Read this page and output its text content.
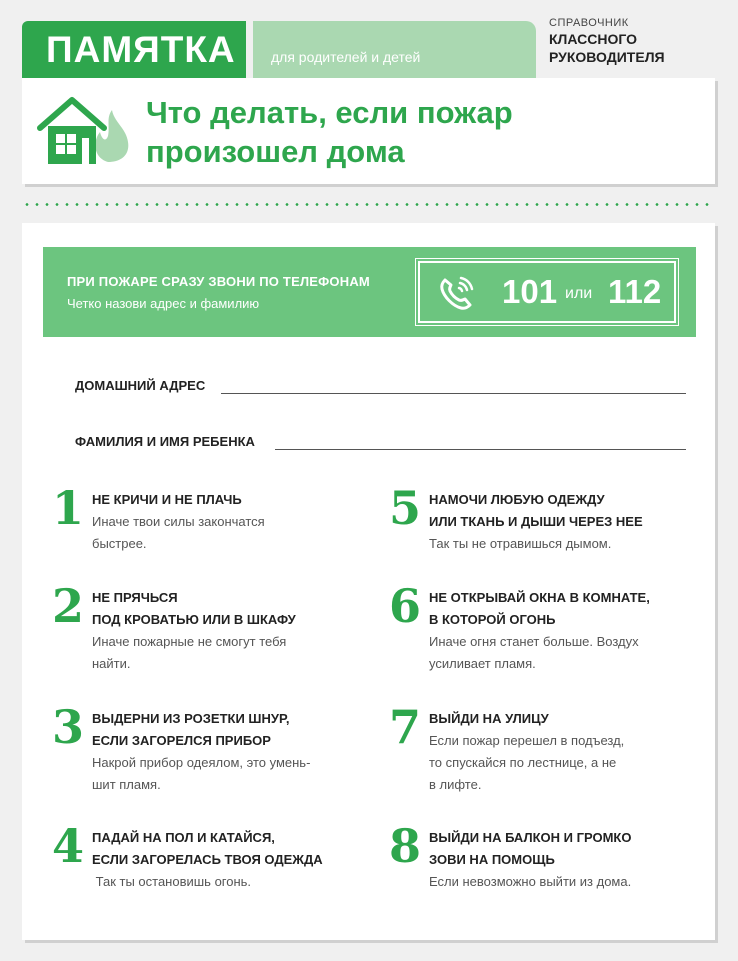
ПАМЯТКА	для родителей и детей
СПРАВОЧНИК
КЛАССНОГО
РУКОВОДИТЕЛЯ
Что делать, если пожар
произошел дома
ПРИ ПОЖАРЕ СРАЗУ ЗВОНИ ПО ТЕЛЕФОНАМ
Четко назови адрес и фамилию	101 или 112
ДОМАШНИЙ АДРЕС
ФАМИЛИЯ И ИМЯ РЕБЕНКА
1 НЕ КРИЧИ И НЕ ПЛАЧЬ
Иначе твои силы закончатся
быстрее.
2 НЕ ПРЯЧЬСЯ
ПОД КРОВАТЬЮ ИЛИ В ШКАФУ
Иначе пожарные не смогут тебя
найти.
3 ВЫДЕРНИ ИЗ РОЗЕТКИ ШНУР,
ЕСЛИ ЗАГОРЕЛСЯ ПРИБОР
Накрой прибор одеялом, это умень-
шит пламя.
4 ПАДАЙ НА ПОЛ И КАТАЙСЯ,
ЕСЛИ ЗАГОРЕЛАСЬ ТВОЯ ОДЕЖДА
Так ты остановишь огонь.
5 НАМОЧИ ЛЮБУЮ ОДЕЖДУ
ИЛИ ТКАНЬ И ДЫШИ ЧЕРЕЗ НЕЕ
Так ты не отравишься дымом.
6 НЕ ОТКРЫВАЙ ОКНА В КОМНАТЕ,
В КОТОРОЙ ОГОНЬ
Иначе огня станет больше. Воздух
усиливает пламя.
7 ВЫЙДИ НА УЛИЦУ
Если пожар перешел в подъезд,
то спускайся по лестнице, а не
в лифте.
8 ВЫЙДИ НА БАЛКОН И ГРОМКО
ЗОВИ НА ПОМОЩЬ
Если невозможно выйти из дома.
